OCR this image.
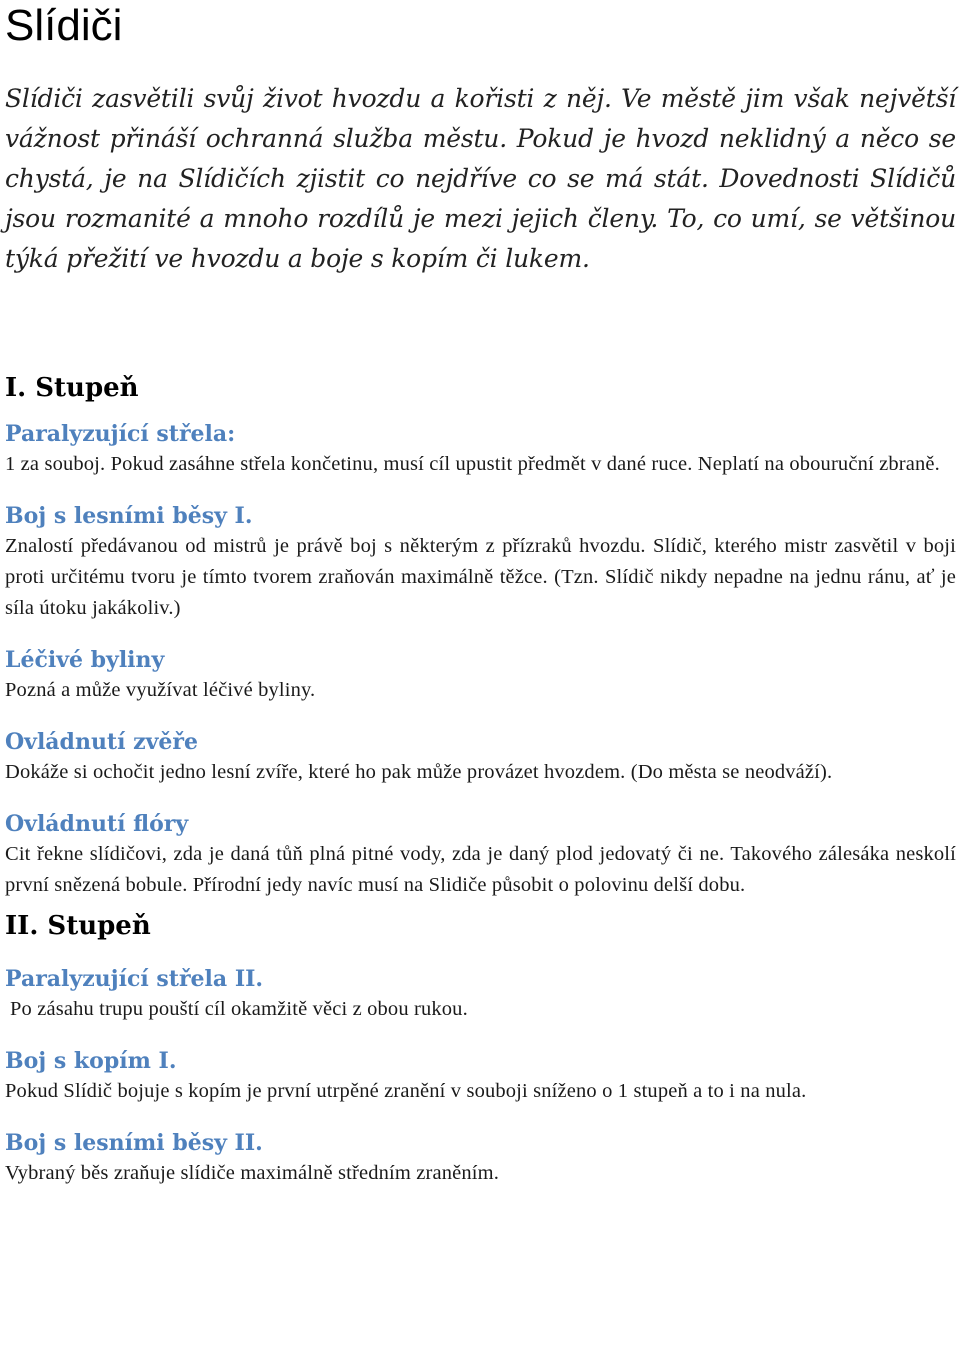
Slídiči

Slídiči zasvětili svůj život hvozdu a kořisti z něj. Ve městě jim však největší vážnost přináší ochranná služba městu. Pokud je hvozd neklidný a něco se chystá, je na Slídičích zjistit co nejdříve co se má stát. Dovednosti Slídičů jsou rozmanité a mnoho rozdílů je mezi jejich členy. To, co umí, se většinou týká přežití ve hvozdu a boje s kopím či lukem.

I. Stupeň
Paralyzující střela:

1 za souboj. Pokud zasáhne střela končetinu, musí cíl upustit předmět v dané ruce. Neplatí na obouruční zbraně.

Boj s lesními běsy I.

Znalostí předávanou od mistrů je právě boj s některým z přízraků hvozdu. Slídič, kterého mistr zasvětil v boji proti určitému tvoru je tímto tvorem zraňován maximálně těžce. (Tzn. Slídič nikdy nepadne na jednu ránu, ať je síla útoku jakákoliv.)

Léčivé byliny

Pozná a může využívat léčivé byliny.

Ovládnutí zvěře

Dokáže si ochočit jedno lesní zvíře, které ho pak může provázet hvozdem. (Do města se neodváží).

Ovládnutí flóry

Cit řekne slídičovi, zda je daná tůň plná pitné vody, zda je daný plod jedovatý či ne. Takového zálesáka neskolí první snězená bobule. Přírodní jedy navíc musí na Slidiče působit o polovinu delší dobu.

II. Stupeň
Paralyzující střela II.

Po zásahu trupu pouští cíl okamžitě věci z obou rukou.

Boj s kopím I.

Pokud Slídič bojuje s kopím je první utrpěné zranění v souboji sníženo o 1 stupeň a to i na nula.

Boj s lesními běsy II.

Vybraný běs zraňuje slídiče maximálně středním zraněním.
